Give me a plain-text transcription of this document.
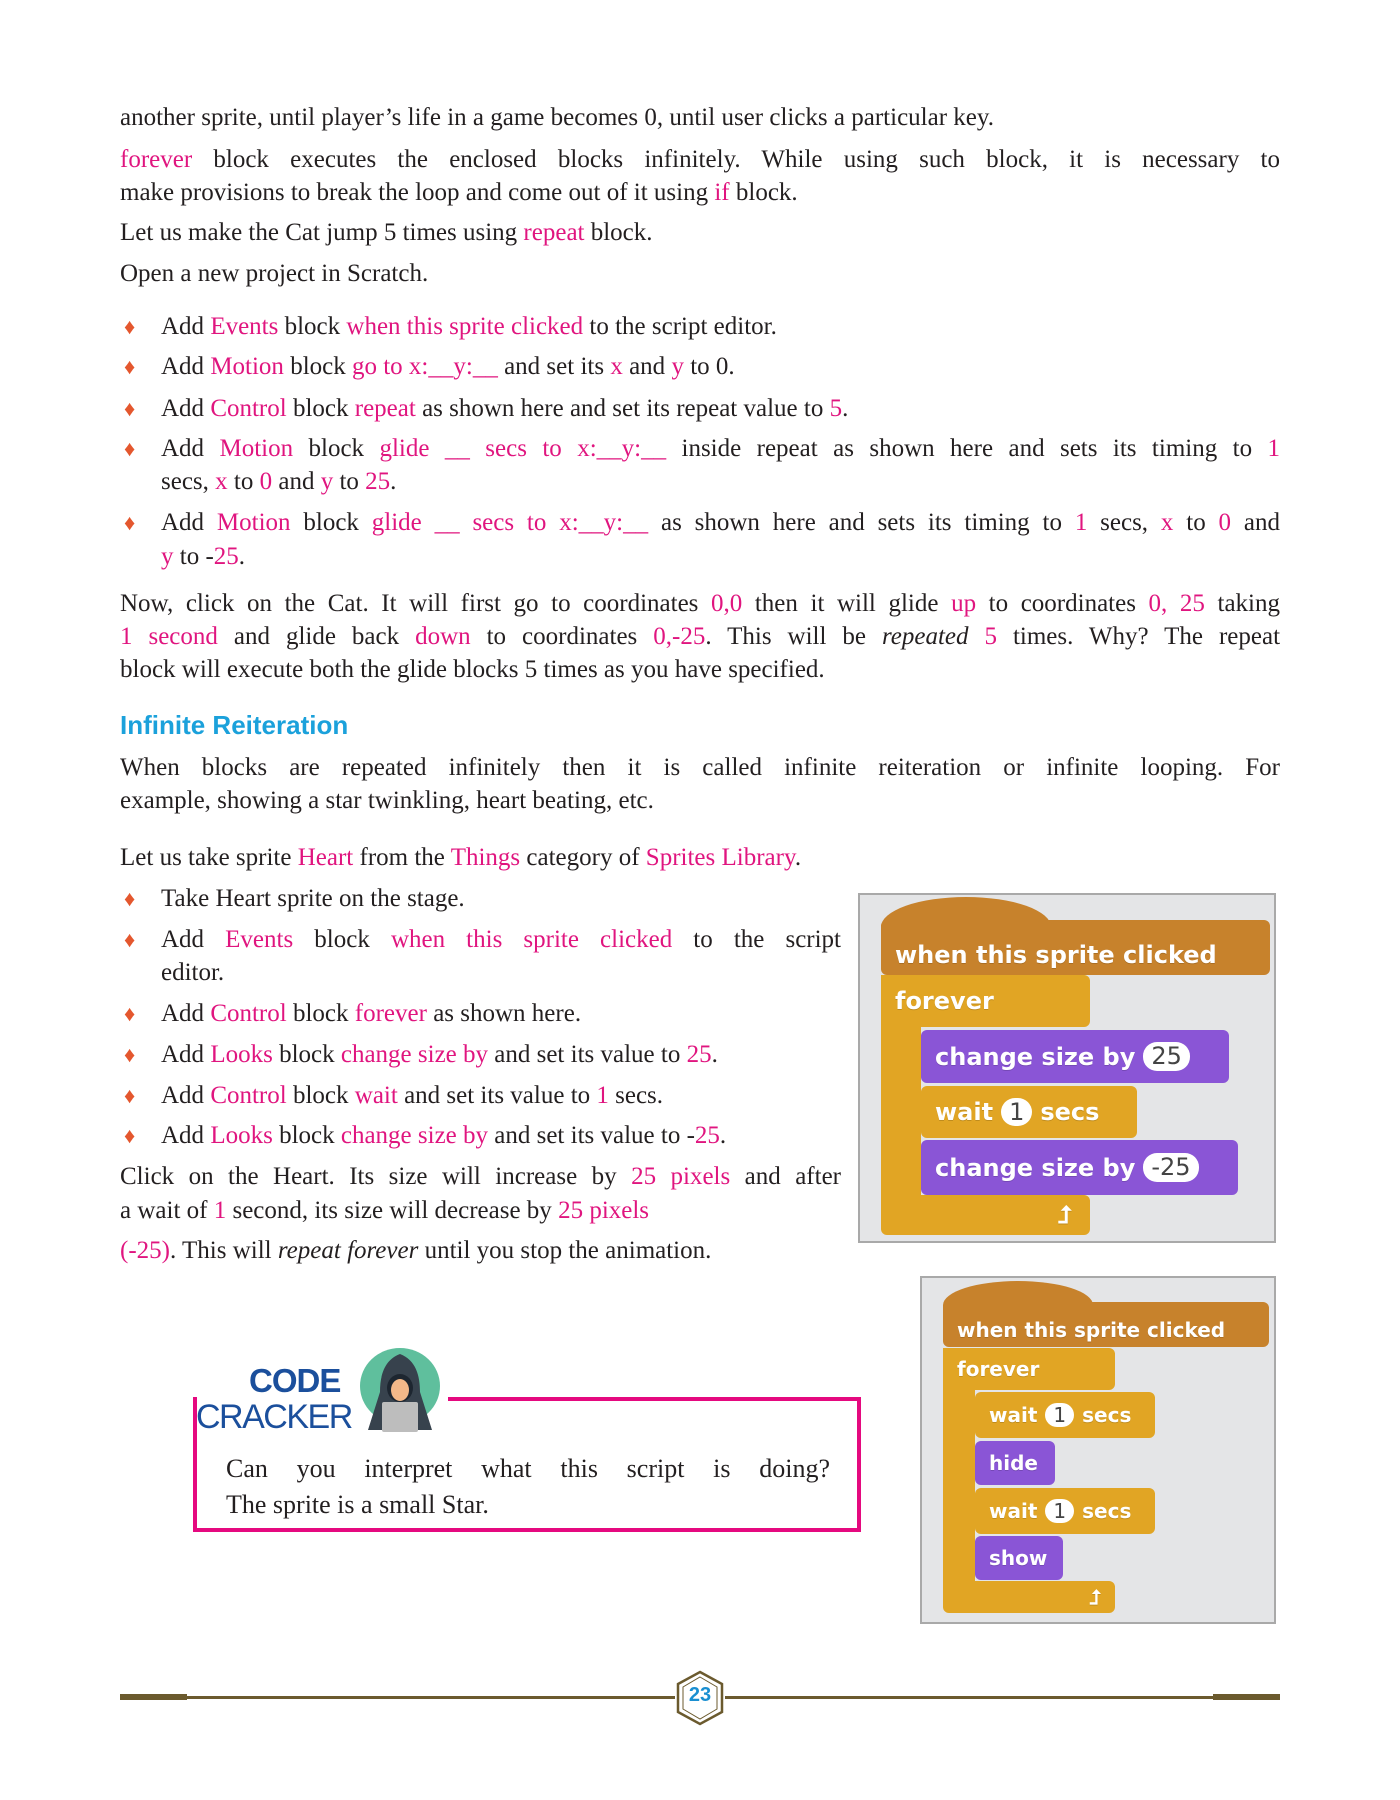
another sprite, until player’s life in a game becomes 0, until user clicks a particular key.
forever block executes the enclosed blocks infinitely. While using such block, it is necessary to
make provisions to break the loop and come out of it using if block.
Let us make the Cat jump 5 times using repeat block.
Open a new project in Scratch.
♦ Add Events block when this sprite clicked to the script editor.
♦ Add Motion block go to x:__y:__ and set its x and y to 0.
♦ Add Control block repeat as shown here and set its repeat value to 5.
♦ Add Motion block glide __ secs to x:__y:__ inside repeat as shown here and sets its timing to 1
secs, x to 0 and y to 25.
♦ Add Motion block glide __ secs to x:__y:__ as shown here and sets its timing to 1 secs, x to 0 and
y to -25.
Now, click on the Cat. It will first go to coordinates 0,0 then it will glide up to coordinates 0, 25 taking
1 second and glide back down to coordinates 0,-25. This will be repeated 5 times. Why? The repeat
block will execute both the glide blocks 5 times as you have specified.
Infinite Reiteration
When blocks are repeated infinitely then it is called infinite reiteration or infinite looping. For
example, showing a star twinkling, heart beating, etc.
Let us take sprite Heart from the Things category of Sprites Library.
♦ Take Heart sprite on the stage.
♦ Add Events block when this sprite clicked to the script
editor.
♦ Add Control block forever as shown here.
♦ Add Looks block change size by and set its value to 25.
♦ Add Control block wait and set its value to 1 secs.
♦ Add Looks block change size by and set its value to -25.
Click on the Heart. Its size will increase by 25 pixels and after
a wait of 1 second, its size will decrease by 25 pixels
(-25). This will repeat forever until you stop the animation.
when this sprite clicked
forever
change size by 25
wait 1 secs
change size by -25
⮥
when this sprite clicked
forever
wait 1 secs
hide
wait 1 secs
show
⮥
Can you interpret what this script is doing?
The sprite is a small Star.
CODE
CRACKER
23
